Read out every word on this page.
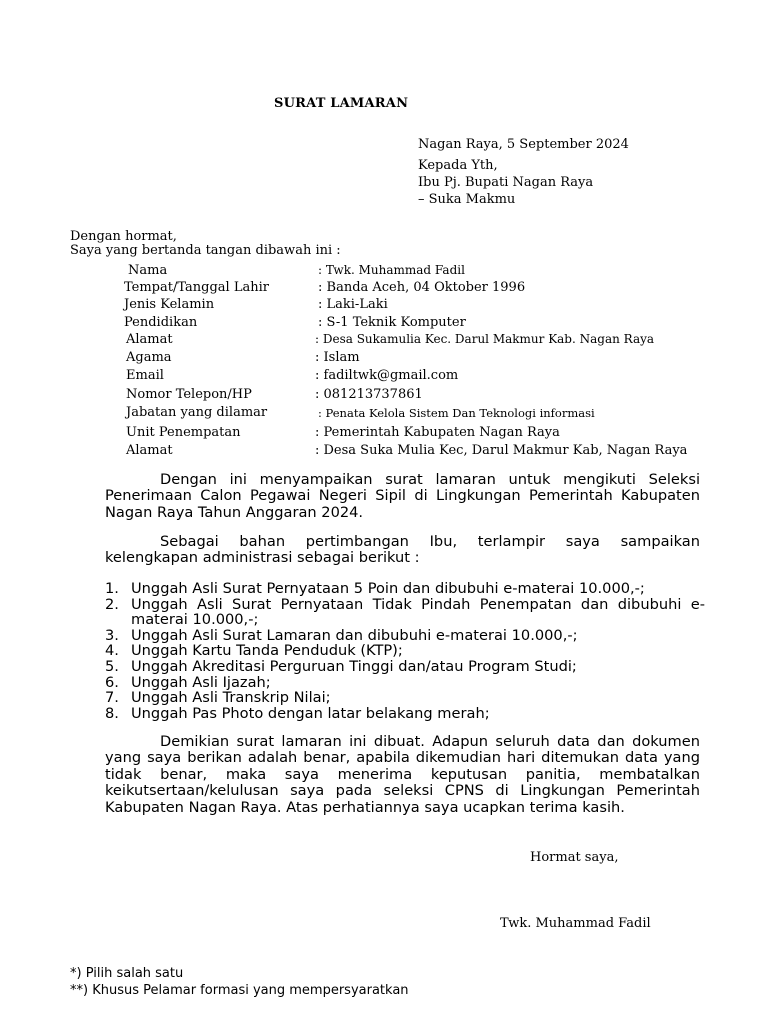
SURAT LAMARAN
Nagan Raya, 5 September 2024
Kepada Yth,
Ibu Pj. Bupati Nagan Raya
– Suka Makmu
Dengan hormat,
Saya yang bertanda tangan dibawah ini :
Nama	: Twk. Muhammad Fadil
Tempat/Tanggal Lahir	: Banda Aceh, 04 Oktober 1996
Jenis Kelamin	: Laki-Laki
Pendidikan	: S-1 Teknik Komputer
Alamat	: Desa Sukamulia Kec. Darul Makmur Kab. Nagan Raya
Agama	: Islam
Email	: fadiltwk@gmail.com
Nomor Telepon/HP	: 081213737861
Jabatan yang dilamar	: Penata Kelola Sistem Dan Teknologi informasi
Unit Penempatan	: Pemerintah Kabupaten Nagan Raya
Alamat	: Desa Suka Mulia Kec, Darul Makmur Kab, Nagan Raya
Dengan ini menyampaikan surat lamaran untuk mengikuti Seleksi Penerimaan Calon Pegawai Negeri Sipil di Lingkungan Pemerintah Kabupaten Nagan Raya Tahun Anggaran 2024.
Sebagai bahan pertimbangan Ibu, terlampir saya sampaikan kelengkapan administrasi sebagai berikut :
1. Unggah Asli Surat Pernyataan 5 Poin dan dibubuhi e-materai 10.000,-;
2. Unggah Asli Surat Pernyataan Tidak Pindah Penempatan dan dibubuhi e-materai 10.000,-;
3. Unggah Asli Surat Lamaran dan dibubuhi e-materai 10.000,-;
4. Unggah Kartu Tanda Penduduk (KTP);
5. Unggah Akreditasi Perguruan Tinggi dan/atau Program Studi;
6. Unggah Asli Ijazah;
7. Unggah Asli Transkrip Nilai;
8. Unggah Pas Photo dengan latar belakang merah;
Demikian surat lamaran ini dibuat. Adapun seluruh data dan dokumen yang saya berikan adalah benar, apabila dikemudian hari ditemukan data yang tidak benar, maka saya menerima keputusan panitia, membatalkan keikutsertaan/kelulusan saya pada seleksi CPNS di Lingkungan Pemerintah Kabupaten Nagan Raya. Atas perhatiannya saya ucapkan terima kasih.
Hormat saya,
Twk. Muhammad Fadil
*) Pilih salah satu
**) Khusus Pelamar formasi yang mempersyaratkan
